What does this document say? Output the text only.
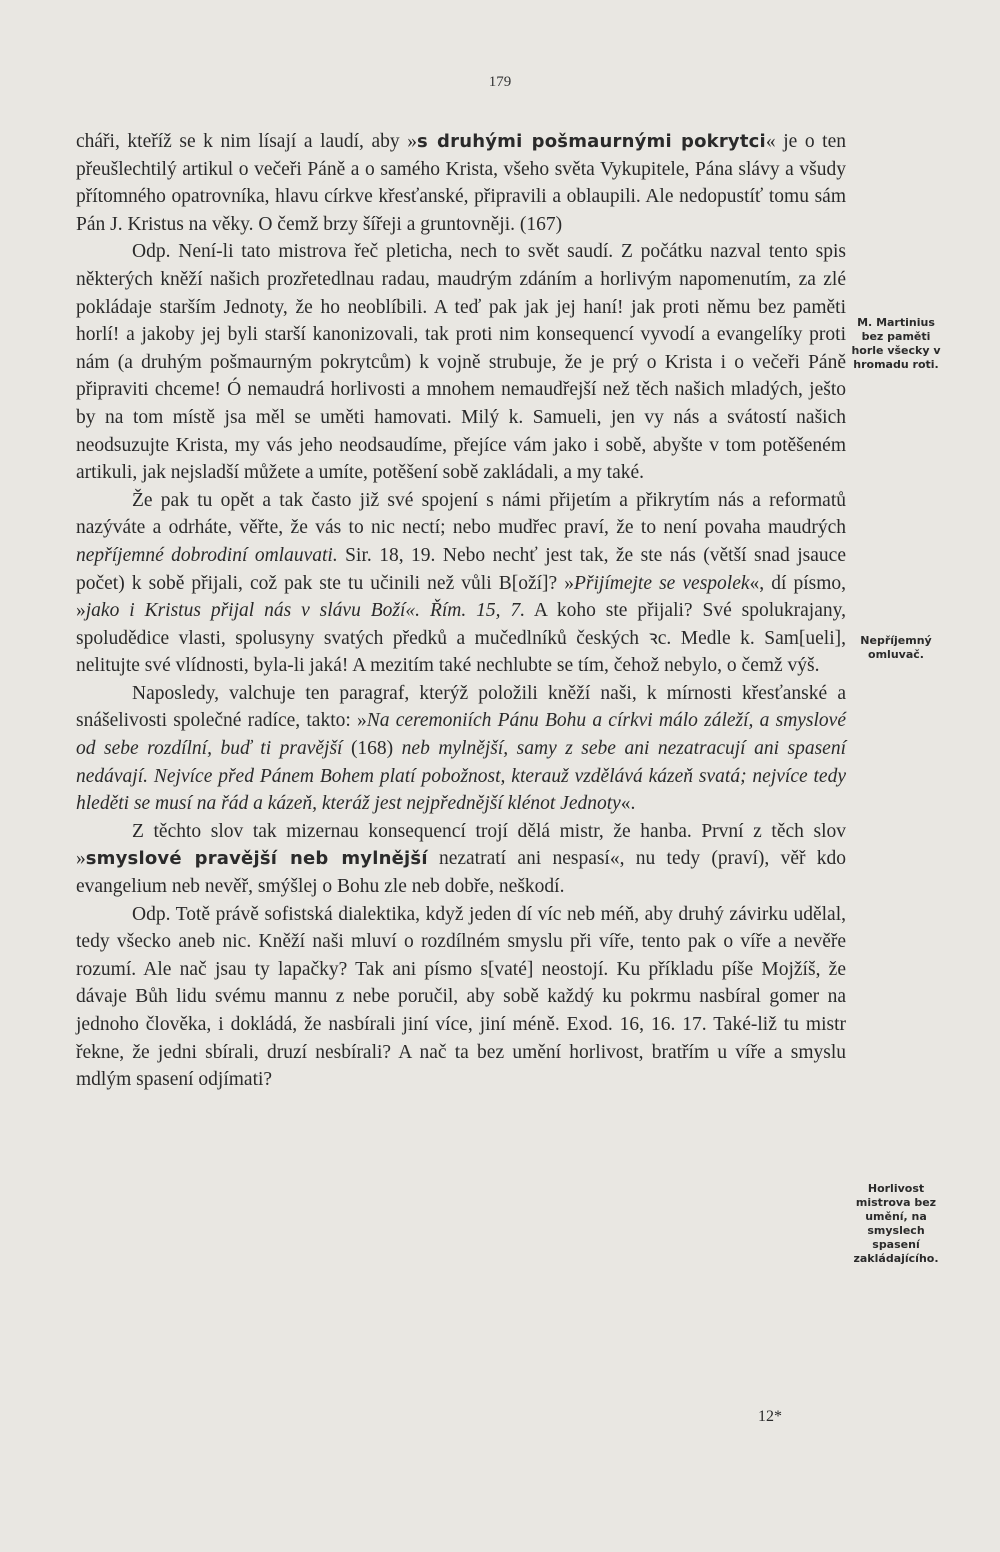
179

cháři, kteříž se k nim lísají a laudí, aby »s druhými pošmaurnými pokrytci« je o ten přeušlechtilý artikul o večeři Páně a o samého Krista, všeho světa Vykupitele, Pána slávy a všudy přítomného opatrovníka, hlavu církve křesťanské, připravili a oblaupili. Ale nedopustíť tomu sám Pán J. Kristus na věky. O čemž brzy šířeji a gruntovněji. (167)

Odp. Není-li tato mistrova řeč pleticha, nech to svět saudí. Z počátku nazval tento spis některých kněží našich prozřetedlnau radau, maudrým zdáním a horlivým napomenutím, za zlé pokládaje starším Jednoty, že ho neoblíbili. A teď pak jak jej haní! jak proti němu bez paměti horlí! a jakoby jej byli starší kanonizovali, tak proti nim konsequencí vyvodí a evangelíky proti nám (a druhým pošmaurným pokrytcům) k vojně strubuje, že je prý o Krista i o večeři Páně připraviti chceme! Ó nemaudrá horlivosti a mnohem nemaudřejší než těch našich mladých, ješto by na tom místě jsa měl se uměti hamovati. Milý k. Samueli, jen vy nás a svátostí našich neodsuzujte Krista, my vás jeho neodsaudíme, přejíce vám jako i sobě, abyšte v tom potěšeném artikuli, jak nejsladší můžete a umíte, potěšení sobě zakládali, a my také.

Že pak tu opět a tak často již své spojení s námi přijetím a přikrytím nás a reformatů nazýváte a odrháte, věřte, že vás to nic nectí; nebo mudřec praví, že to není povaha maudrých nepříjemné dobrodiní omlauvati. Sir. 18, 19. Nebo nechť jest tak, že ste nás (větší snad jsauce počet) k sobě přijali, což pak ste tu učinili než vůli B[oží]? »Přijímejte se vespolek«, dí písmo, »jako i Kristus přijal nás v slávu Boží«. Řím. 15, 7. A koho ste přijali? Své spolukrajany, spoludědice vlasti, spolusyny svatých předků a mučedlníků českých ꝛc. Medle k. Sam[ueli], nelitujte své vlídnosti, byla-li jaká! A mezitím také nechlubte se tím, čehož nebylo, o čemž výš.

Naposledy, valchuje ten paragraf, kterýž položili kněží naši, k mírnosti křesťanské a snášelivosti společné radíce, takto: »Na ceremoniích Pánu Bohu a církvi málo záleží, a smyslové od sebe rozdílní, buď ti pravější (168) neb mylnější, samy z sebe ani nezatracují ani spasení nedávají. Nejvíce před Pánem Bohem platí pobožnost, kterauž vzdělává kázeň svatá; nejvíce tedy hleděti se musí na řád a kázeň, kteráž jest nejpřednější klénot Jednoty«.

Z těchto slov tak mizernau konsequencí trojí dělá mistr, že hanba. První z těch slov »smyslové pravější neb mylnější nezatratí ani nespasí«, nu tedy (praví), věř kdo evangelium neb nevěř, smýšlej o Bohu zle neb dobře, neškodí.

Odp. Totě právě sofistská dialektika, když jeden dí víc neb méň, aby druhý závirku udělal, tedy všecko aneb nic. Kněží naši mluví o rozdílném smyslu při víře, tento pak o víře a nevěře rozumí. Ale nač jsau ty lapačky? Tak ani písmo s[vaté] neostojí. Ku příkladu píše Mojžíš, že dávaje Bůh lidu svému mannu z nebe poručil, aby sobě každý ku pokrmu nasbíral gomer na jednoho člověka, i dokládá, že nasbírali jiní více, jiní méně. Exod. 16, 16. 17. Také-liž tu mistr řekne, že jedni sbírali, druzí nesbírali? A nač ta bez umění horlivost, bratřím u víře a smyslu mdlým spasení odjímati?

M. Martinius bez paměti horle všecky v hromadu roti.
Nepříjemný omluvač.
Horlivost mistrova bez umění, na smyslech spasení zakládajícího.
12*
